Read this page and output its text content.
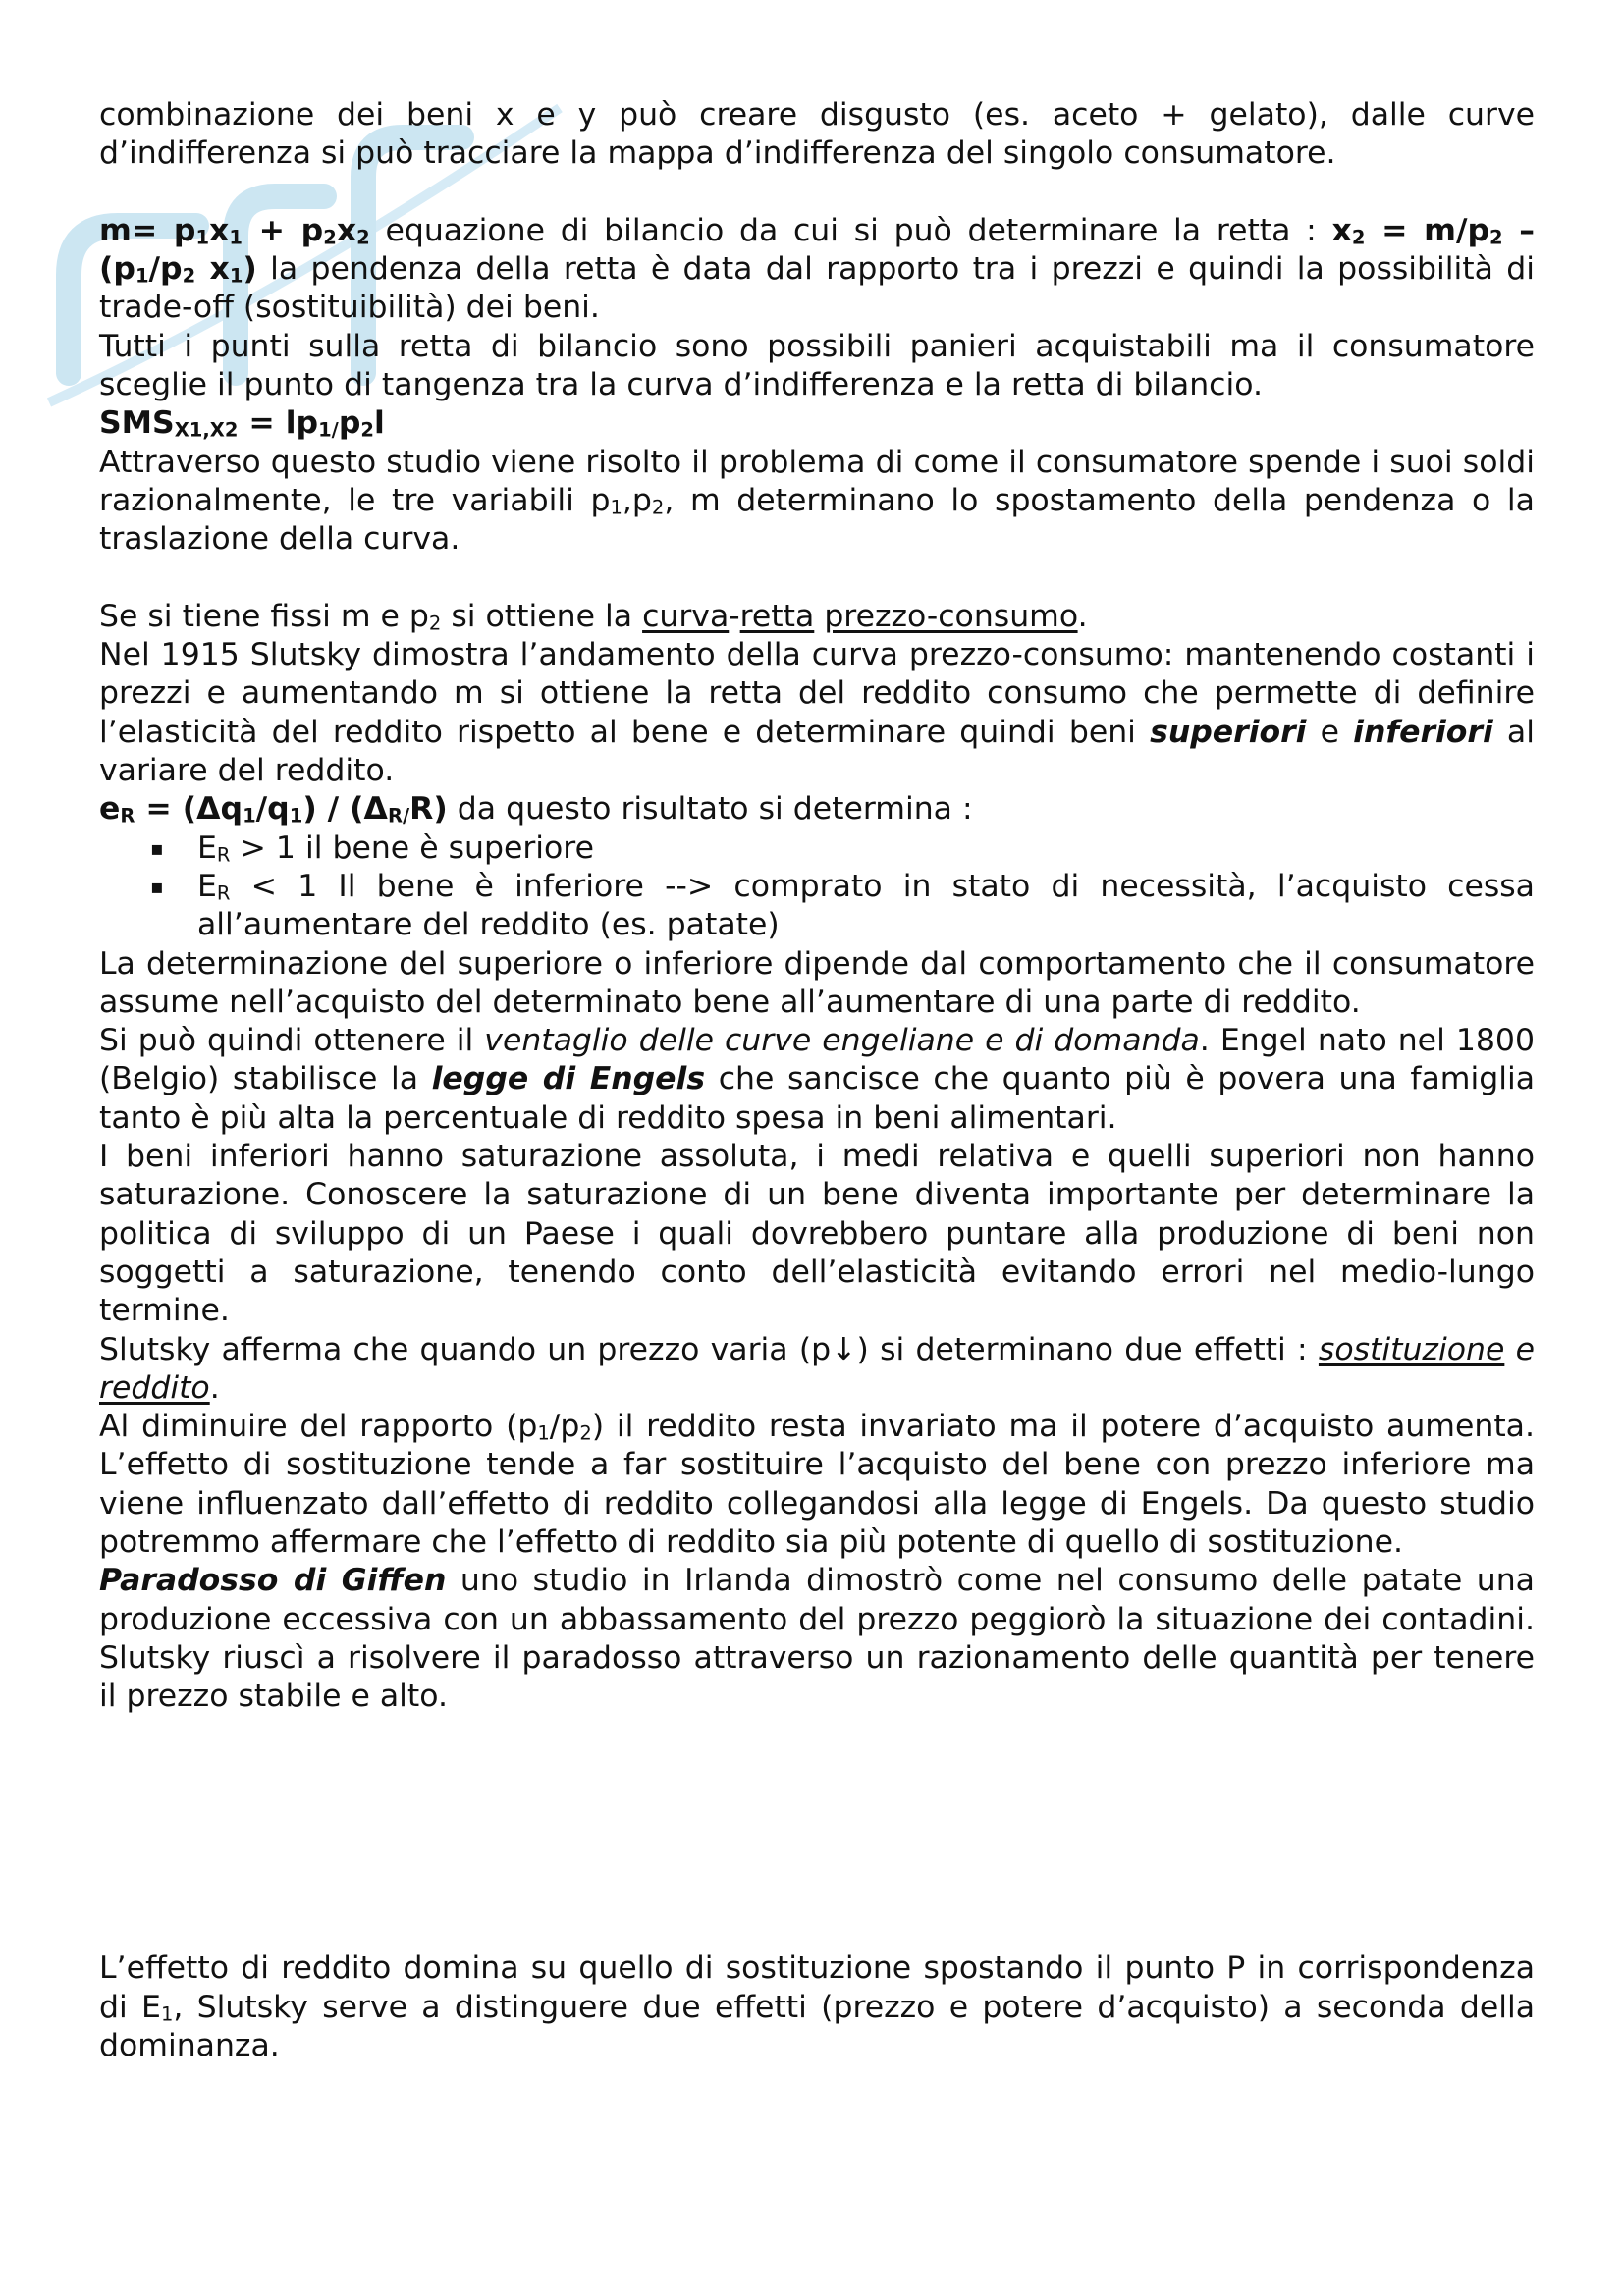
combinazione dei beni x e y può creare disgusto (es. aceto + gelato), dalle curve d’indifferenza si può tracciare la mappa d’indifferenza del singolo consumatore.

$m= p_1x_1 + p_2x_2$ equazione di bilancio da cui si può determinare la retta : $x_2 = m/p_2 - (p_1/p_2$ $x_1$) la pendenza della retta è data dal rapporto tra i prezzi e quindi la possibilità di trade-off (sostituibilità) dei beni.

Tutti i punti sulla retta di bilancio sono possibili panieri acquistabili ma il consumatore sceglie il punto di tangenza tra la curva d’indifferenza e la retta di bilancio.

$SMS_{X1,X2} = lp_{1/}p_2l$

Attraverso questo studio viene risolto il problema di come il consumatore spende i suoi soldi razionalmente, le tre variabili $p_1,p_2$, m determinano lo spostamento della pendenza o la traslazione della curva.

Se si tiene fissi m e $p_2$ si ottiene la curva-retta prezzo-consumo.

Nel 1915 Slutsky dimostra l’andamento della curva prezzo-consumo: mantenendo costanti i prezzi e aumentando m si ottiene la retta del reddito consumo che permette di definire l’elasticità del reddito rispetto al bene e determinare quindi beni superiori e inferiori al variare del reddito.

$e_R = (\Delta q_1/q_1) / (\Delta_{R/}R)$ da questo risultato si determina :

▪ $E_R > 1$ il bene è superiore
▪ $E_R < 1$ Il bene è inferiore --> comprato in stato di necessità, l’acquisto cessa all’aumentare del reddito (es. patate)

La determinazione del superiore o inferiore dipende dal comportamento che il consumatore assume nell’acquisto del determinato bene all’aumentare di una parte di reddito.

Si può quindi ottenere il ventaglio delle curve engeliane e di domanda. Engel nato nel 1800 (Belgio) stabilisce la legge di Engels che sancisce che quanto più è povera una famiglia tanto è più alta la percentuale di reddito spesa in beni alimentari.

I beni inferiori hanno saturazione assoluta, i medi relativa e quelli superiori non hanno saturazione. Conoscere la saturazione di un bene diventa importante per determinare la politica di sviluppo di un Paese i quali dovrebbero puntare alla produzione di beni non soggetti a saturazione, tenendo conto dell’elasticità evitando errori nel medio-lungo termine.

Slutsky afferma che quando un prezzo varia (p↓) si determinano due effetti : sostituzione e reddito.

Al diminuire del rapporto $(p_1/p_2)$ il reddito resta invariato ma il potere d’acquisto aumenta. L’effetto di sostituzione tende a far sostituire l’acquisto del bene con prezzo inferiore ma viene influenzato dall’effetto di reddito collegandosi alla legge di Engels. Da questo studio potremmo affermare che l’effetto di reddito sia più potente di quello di sostituzione.

Paradosso di Giffen uno studio in Irlanda dimostrò come nel consumo delle patate una produzione eccessiva con un abbassamento del prezzo peggiorò la situazione dei contadini. Slutsky riuscì a risolvere il paradosso attraverso un razionamento delle quantità per tenere il prezzo stabile e alto.

L’effetto di reddito domina su quello di sostituzione spostando il punto P in corrispondenza di $E_1$, Slutsky serve a distinguere due effetti (prezzo e potere d’acquisto) a seconda della dominanza.
